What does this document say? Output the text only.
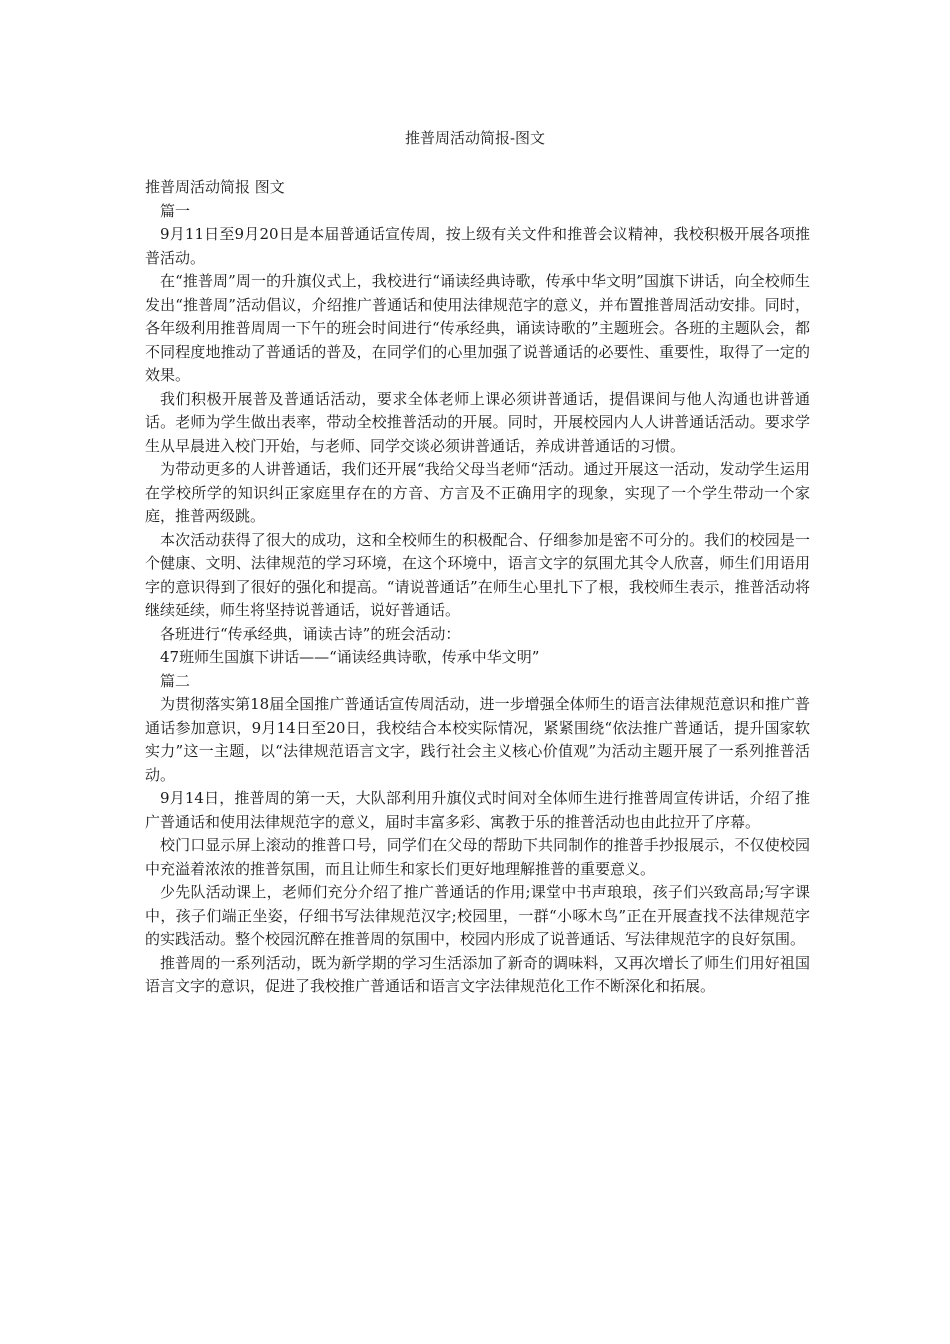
推普周活动简报-图文

推普周活动简报 图文

篇一

9月11日至9月20日是本届普通话宣传周，按上级有关文件和推普会议精神，我校积极开展各项推普活动。

在“推普周”周一的升旗仪式上，我校进行“诵读经典诗歌，传承中华文明”国旗下讲话，向全校师生发出“推普周”活动倡议，介绍推广普通话和使用法律规范字的意义，并布置推普周活动安排。同时，各年级利用推普周周一下午的班会时间进行“传承经典，诵读诗歌的”主题班会。各班的主题队会，都不同程度地推动了普通话的普及，在同学们的心里加强了说普通话的必要性、重要性，取得了一定的效果。

我们积极开展普及普通话活动，要求全体老师上课必须讲普通话，提倡课间与他人沟通也讲普通话。老师为学生做出表率，带动全校推普活动的开展。同时，开展校园内人人讲普通话活动。要求学生从早晨进入校门开始，与老师、同学交谈必须讲普通话，养成讲普通话的习惯。

为带动更多的人讲普通话，我们还开展“我给父母当老师“活动。通过开展这一活动，发动学生运用在学校所学的知识纠正家庭里存在的方音、方言及不正确用字的现象，实现了一个学生带动一个家庭，推普两级跳。

本次活动获得了很大的成功，这和全校师生的积极配合、仔细参加是密不可分的。我们的校园是一个健康、文明、法律规范的学习环境，在这个环境中，语言文字的氛围尤其令人欣喜，师生们用语用字的意识得到了很好的强化和提高。“请说普通话”在师生心里扎下了根，我校师生表示，推普活动将继续延续，师生将坚持说普通话，说好普通话。

各班进行“传承经典，诵读古诗”的班会活动：

47班师生国旗下讲话——“诵读经典诗歌，传承中华文明”

篇二

为贯彻落实第18届全国推广普通话宣传周活动，进一步增强全体师生的语言法律规范意识和推广普通话参加意识，9月14日至20日，我校结合本校实际情况，紧紧围绕“依法推广普通话，提升国家软实力”这一主题，以“法律规范语言文字，践行社会主义核心价值观”为活动主题开展了一系列推普活动。

9月14日，推普周的第一天，大队部利用升旗仪式时间对全体师生进行推普周宣传讲话，介绍了推广普通话和使用法律规范字的意义，届时丰富多彩、寓教于乐的推普活动也由此拉开了序幕。

校门口显示屏上滚动的推普口号，同学们在父母的帮助下共同制作的推普手抄报展示，不仅使校园中充溢着浓浓的推普氛围，而且让师生和家长们更好地理解推普的重要意义。

少先队活动课上，老师们充分介绍了推广普通话的作用;课堂中书声琅琅，孩子们兴致高昂;写字课中，孩子们端正坐姿，仔细书写法律规范汉字;校园里，一群“小啄木鸟”正在开展查找不法律规范字的实践活动。整个校园沉醉在推普周的氛围中，校园内形成了说普通话、写法律规范字的良好氛围。

推普周的一系列活动，既为新学期的学习生活添加了新奇的调味料，又再次增长了师生们用好祖国语言文字的意识，促进了我校推广普通话和语言文字法律规范化工作不断深化和拓展。
